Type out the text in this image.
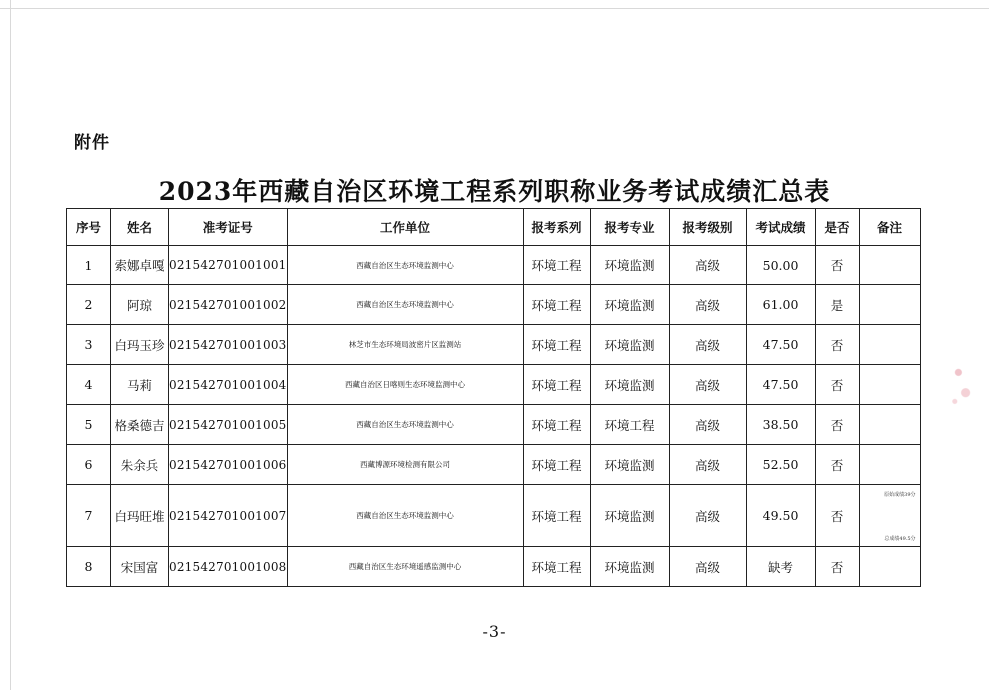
附件
2023年西藏自治区环境工程系列职称业务考试成绩汇总表
序号	姓名	准考证号	工作单位	报考系列	报考专业	报考级别	考试成绩	是否	备注
1	索娜卓嘎	021542701001001	西藏自治区生态环境监测中心	环境工程	环境监测	高级	50.00	否	
2	阿琼	021542701001002	西藏自治区生态环境监测中心	环境工程	环境监测	高级	61.00	是	
3	白玛玉珍	021542701001003	林芝市生态环境局波密片区监测站	环境工程	环境监测	高级	47.50	否	
4	马莉	021542701001004	西藏自治区日喀则生态环境监测中心	环境工程	环境监测	高级	47.50	否	
5	格桑德吉	021542701001005	西藏自治区生态环境监测中心	环境工程	环境工程	高级	38.50	否	
6	朱余兵	021542701001006	西藏博源环境检测有限公司	环境工程	环境监测	高级	52.50	否	
7	白玛旺堆	021542701001007	西藏自治区生态环境监测中心	环境工程	环境监测	高级	49.50	否	原始成绩39分
总成绩49.5分

8	宋国富	021542701001008	西藏自治区生态环境遥感监测中心	环境工程	环境监测	高级	缺考	否	
-3-
